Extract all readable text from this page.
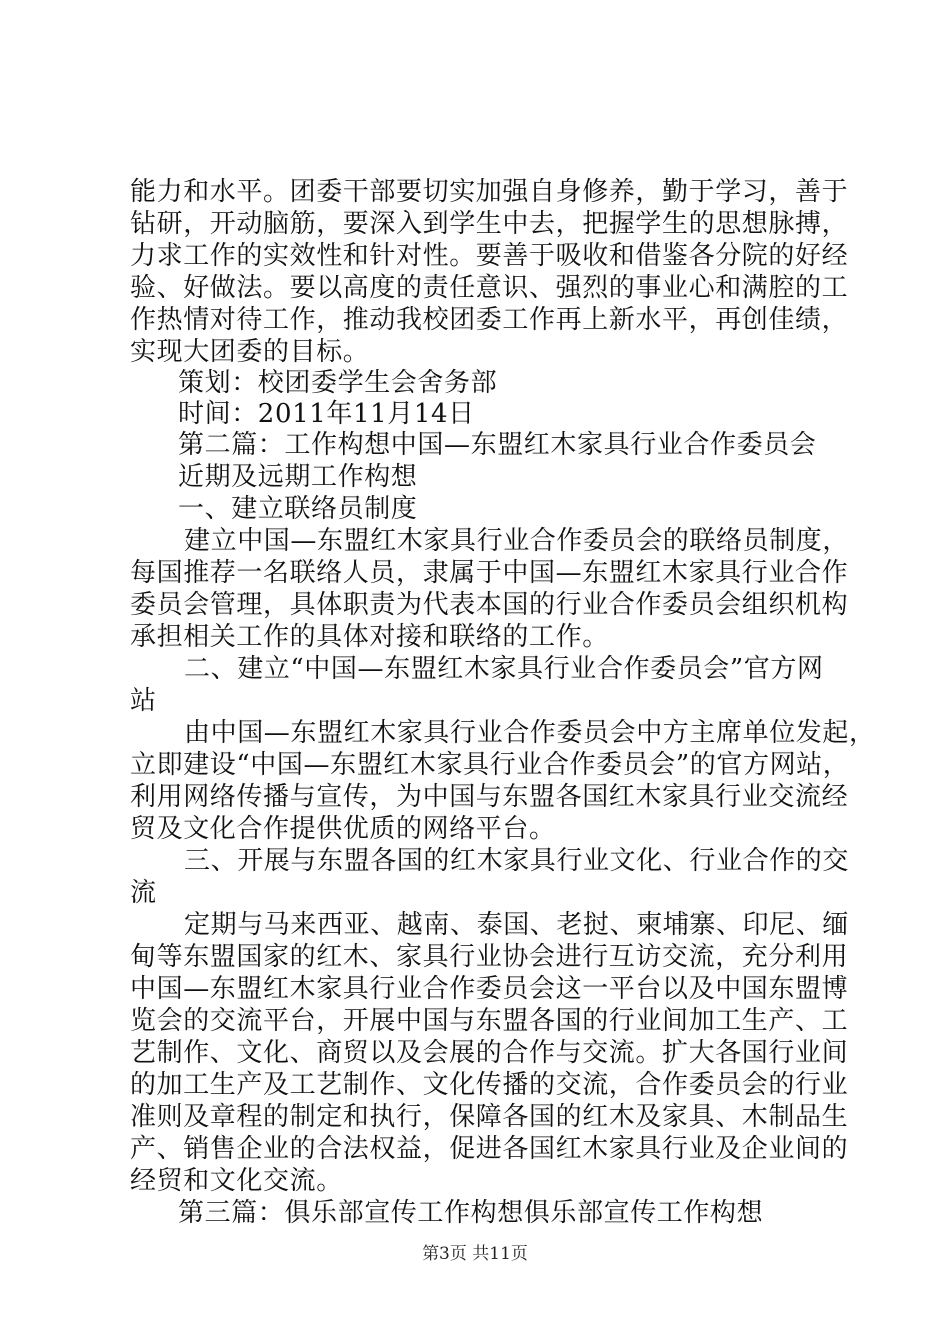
能力和水平。团委干部要切实加强自身修养，勤于学习，善于
钻研，开动脑筋，要深入到学生中去，把握学生的思想脉搏，
力求工作的实效性和针对性。要善于吸收和借鉴各分院的好经
验、好做法。要以高度的责任意识、强烈的事业心和满腔的工
作热情对待工作，推动我校团委工作再上新水平，再创佳绩，
实现大团委的目标。
策划：校团委学生会舍务部
时间：2011年11月14日
第二篇：工作构想中国—东盟红木家具行业合作委员会
近期及远期工作构想
一、建立联络员制度
建立中国—东盟红木家具行业合作委员会的联络员制度，
每国推荐一名联络人员，隶属于中国—东盟红木家具行业合作
委员会管理，具体职责为代表本国的行业合作委员会组织机构
承担相关工作的具体对接和联络的工作。
二、建立“中国—东盟红木家具行业合作委员会”官方网
站
由中国—东盟红木家具行业合作委员会中方主席单位发起，
立即建设“中国—东盟红木家具行业合作委员会”的官方网站，
利用网络传播与宣传，为中国与东盟各国红木家具行业交流经
贸及文化合作提供优质的网络平台。
三、开展与东盟各国的红木家具行业文化、行业合作的交
流
定期与马来西亚、越南、泰国、老挝、柬埔寨、印尼、缅
甸等东盟国家的红木、家具行业协会进行互访交流，充分利用
中国—东盟红木家具行业合作委员会这一平台以及中国东盟博
览会的交流平台，开展中国与东盟各国的行业间加工生产、工
艺制作、文化、商贸以及会展的合作与交流。扩大各国行业间
的加工生产及工艺制作、文化传播的交流，合作委员会的行业
准则及章程的制定和执行，保障各国的红木及家具、木制品生
产、销售企业的合法权益，促进各国红木家具行业及企业间的
经贸和文化交流。
第三篇：俱乐部宣传工作构想俱乐部宣传工作构想
第3页 共11页
